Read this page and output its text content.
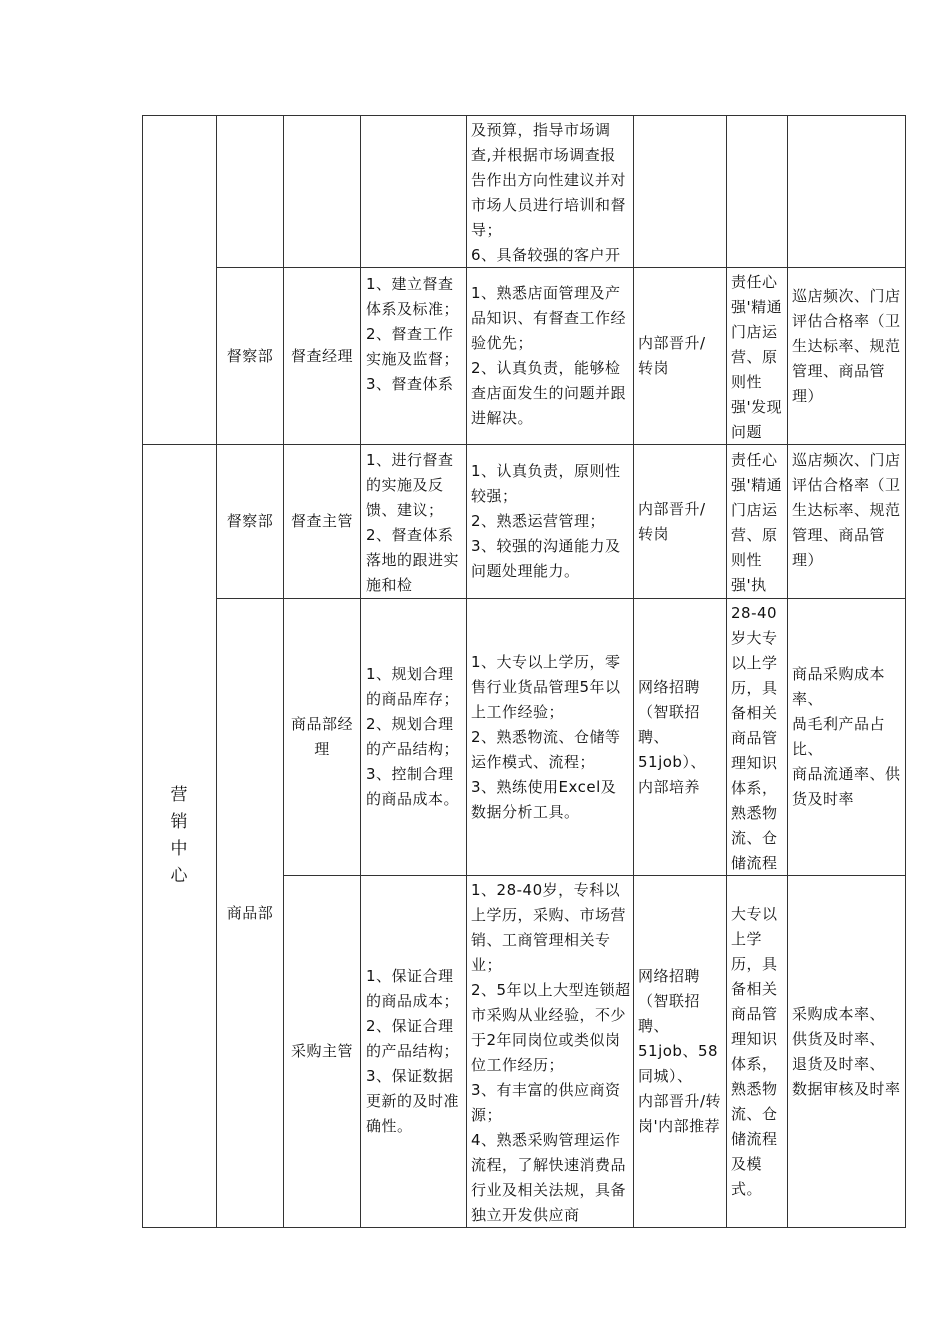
及预算，指导市场调查,并根据市场调查报告作出方向性建议并对市场人员进行培训和督导；
6、具备较强的客户开
督察部 督查经理
1、建立督查体系及标准； 2、督查工作实施及监督； 3、督查体系
1、熟悉店面管理及产品知识、有督查工作经验优先；
2、认真负责，能够检查店面发生的问题并跟进解决。
内部晋升/
转岗
责任心强'精通门店运营、原则性强'发现问题
巡店频次、门店评估合格率（卫生达标率、规范管理、商品管理）
营销中心
督察部 督查主管
1、进行督查的实施及反馈、建议；
2、督查体系落地的跟进实施和检
1、认真负责，原则性较强；
2、熟悉运营管理；
3、较强的沟通能力及问题处理能力。
内部晋升/
转岗
责任心强'精通门店运营、原则性强'执
巡店频次、门店评估合格率（卫生达标率、规范管理、商品管理）
商品部
商品部经理
1、规划合理的商品库存；
2、规划合理的产品结构；
3、控制合理的商品成本。
1、大专以上学历，零售行业货品管理5年以上工作经验；
2、熟悉物流、仓储等运作模式、流程；
3、熟练使用Excel及数据分析工具。
网络招聘（智联招聘、51job）、
内部培养
28-40岁大专以上学历，具备相关商品管理知识体系，熟悉物流、仓储流程
商品采购成本率、
咼毛利产品占比、
商品流通率、供
货及时率
采购主管
1、保证合理的商品成本；
2、保证合理的产品结构；
3、保证数据更新的及时准确性。
1、28-40岁，专科以上学历，采购、市场营销、工商管理相关专业；
2、5年以上大型连锁超市采购从业经验，不少于2年同岗位或类似岗位工作经历；
3、有丰富的供应商资源；
4、熟悉采购管理运作流程，了解快速消费品行业及相关法规，具备独立开发供应商
网络招聘（智联招聘、51job、58同城）、
内部晋升/转岗'内部推荐
大专以上学历，具备相关商品管理知识体系，熟悉物流、仓储流程及模式。
采购成本率、
供货及时率、
退货及时率、
数据审核及时率
